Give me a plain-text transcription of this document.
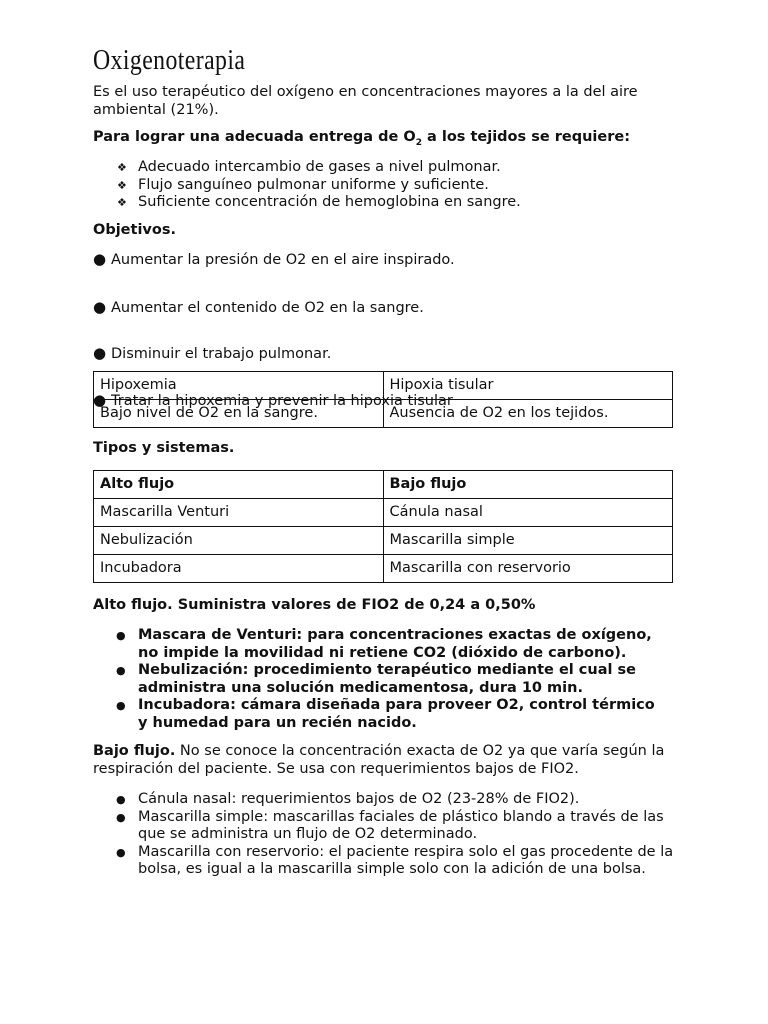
Oxigenoterapia

Es el uso terapéutico del oxígeno en concentraciones mayores a la del aire ambiental (21%).

Para lograr una adecuada entrega de $O_2$ a los tejidos se requiere:

❖ Adecuado intercambio de gases a nivel pulmonar.
❖ Flujo sanguíneo pulmonar uniforme y suficiente.
❖ Suficiente concentración de hemoglobina en sangre.

Objetivos.

● Aumentar la presión de O2 en el aire inspirado.

● Aumentar el contenido de O2 en la sangre.

● Disminuir el trabajo pulmonar.

● Tratar la hipoxemia y prevenir la hipoxia tisular

Hipoxemia	Hipoxia tisular
Bajo nivel de O2 en la sangre.	Ausencia de O2 en los tejidos.

Tipos y sistemas.

Alto flujo	Bajo flujo
Mascarilla Venturi	Cánula nasal
Nebulización	Mascarilla simple
Incubadora	Mascarilla con reservorio

Alto flujo. Suministra valores de FIO2 de 0,24 a 0,50%

● Mascara de Venturi: para concentraciones exactas de oxígeno, no impide la movilidad ni retiene CO2 (dióxido de carbono).
● Nebulización: procedimiento terapéutico mediante el cual se administra una solución medicamentosa, dura 10 min.
● Incubadora: cámara diseñada para proveer O2, control térmico y humedad para un recién nacido.

Bajo flujo. No se conoce la concentración exacta de O2 ya que varía según la respiración del paciente. Se usa con requerimientos bajos de FIO2.

● Cánula nasal: requerimientos bajos de O2 (23-28% de FIO2).
● Mascarilla simple: mascarillas faciales de plástico blando a través de las que se administra un flujo de O2 determinado.
● Mascarilla con reservorio: el paciente respira solo el gas procedente de la bolsa, es igual a la mascarilla simple solo con la adición de una bolsa.
